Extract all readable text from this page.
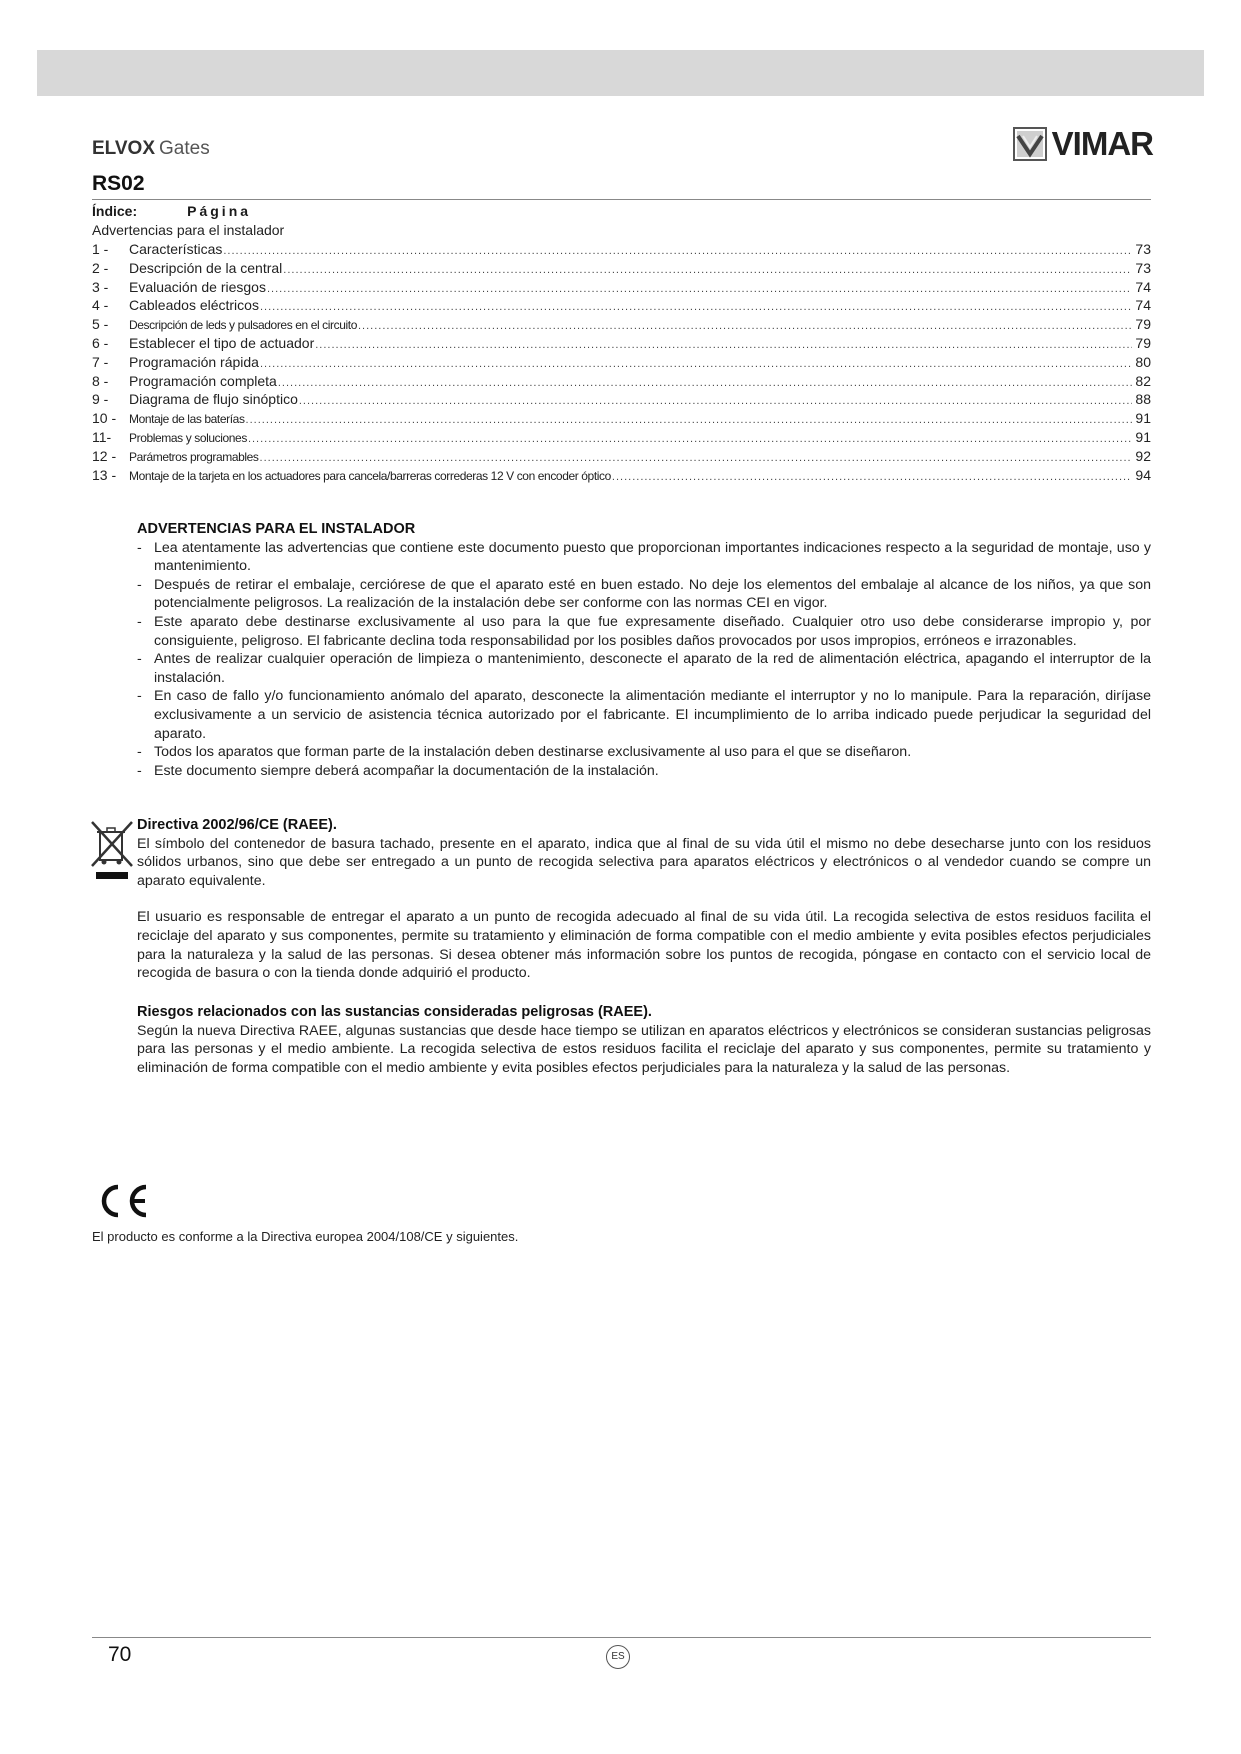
ELVOX Gates	VIMAR
RS02
Índice:	Página
Advertencias para el instalador
1 -	Características .....	73
2 -	Descripción de la central .....	73
3 -	Evaluación de riesgos .....	74
4 -	Cableados eléctricos .....	74
5 -	Descripción de leds y pulsadores en el circuito .....	79
6 -	Establecer el tipo de actuador .....	79
7 -	Programación rápida .....	80
8 -	Programación completa .....	82
9 -	Diagrama de flujo sinóptico .....	88
10 -	Montaje de las baterías .....	91
11-	Problemas y soluciones .....	91
12 -	Parámetros programables .....	92
13 -	Montaje de la tarjeta en los actuadores para cancela/barreras correderas 12 V con encoder óptico .....	94
ADVERTENCIAS PARA EL INSTALADOR
- Lea atentamente las advertencias que contiene este documento puesto que proporcionan importantes indicaciones respecto a la seguridad de montaje, uso y mantenimiento.
- Después de retirar el embalaje, cerciórese de que el aparato esté en buen estado. No deje los elementos del embalaje al alcance de los niños, ya que son potencialmente peligrosos. La realización de la instalación debe ser conforme con las normas CEI en vigor.
- Este aparato debe destinarse exclusivamente al uso para la que fue expresamente diseñado. Cualquier otro uso debe considerarse impropio y, por consiguiente, peligroso. El fabricante declina toda responsabilidad por los posibles daños provocados por usos impropios, erróneos e irrazonables.
- Antes de realizar cualquier operación de limpieza o mantenimiento, desconecte el aparato de la red de alimentación eléctrica, apagando el interruptor de la instalación.
- En caso de fallo y/o funcionamiento anómalo del aparato, desconecte la alimentación mediante el interruptor y no lo manipule. Para la reparación, diríjase exclusivamente a un servicio de asistencia técnica autorizado por el fabricante. El incumplimiento de lo arriba indicado puede perjudicar la seguridad del aparato.
- Todos los aparatos que forman parte de la instalación deben destinarse exclusivamente al uso para el que se diseñaron.
- Este documento siempre deberá acompañar la documentación de la instalación.
Directiva 2002/96/CE (RAEE).

El símbolo del contenedor de basura tachado, presente en el aparato, indica que al final de su vida útil el mismo no debe desecharse junto con los residuos sólidos urbanos, sino que debe ser entregado a un punto de recogida selectiva para aparatos eléctricos y electrónicos o al vendedor cuando se compre un aparato equivalente.

El usuario es responsable de entregar el aparato a un punto de recogida adecuado al final de su vida útil. La recogida selectiva de estos residuos facilita el reciclaje del aparato y sus componentes, permite su tratamiento y eliminación de forma compatible con el medio ambiente y evita posibles efectos perjudiciales para la naturaleza y la salud de las personas. Si desea obtener más información sobre los puntos de recogida, póngase en contacto con el servicio local de recogida de basura o con la tienda donde adquirió el producto.

Riesgos relacionados con las sustancias consideradas peligrosas (RAEE).

Según la nueva Directiva RAEE, algunas sustancias que desde hace tiempo se utilizan en aparatos eléctricos y electrónicos se consideran sustancias peligrosas para las personas y el medio ambiente. La recogida selectiva de estos residuos facilita el reciclaje del aparato y sus componentes, permite su tratamiento y eliminación de forma compatible con el medio ambiente y evita posibles efectos perjudiciales para la naturaleza y la salud de las personas.

El producto es conforme a la Directiva europea 2004/108/CE y siguientes.
70	ES
